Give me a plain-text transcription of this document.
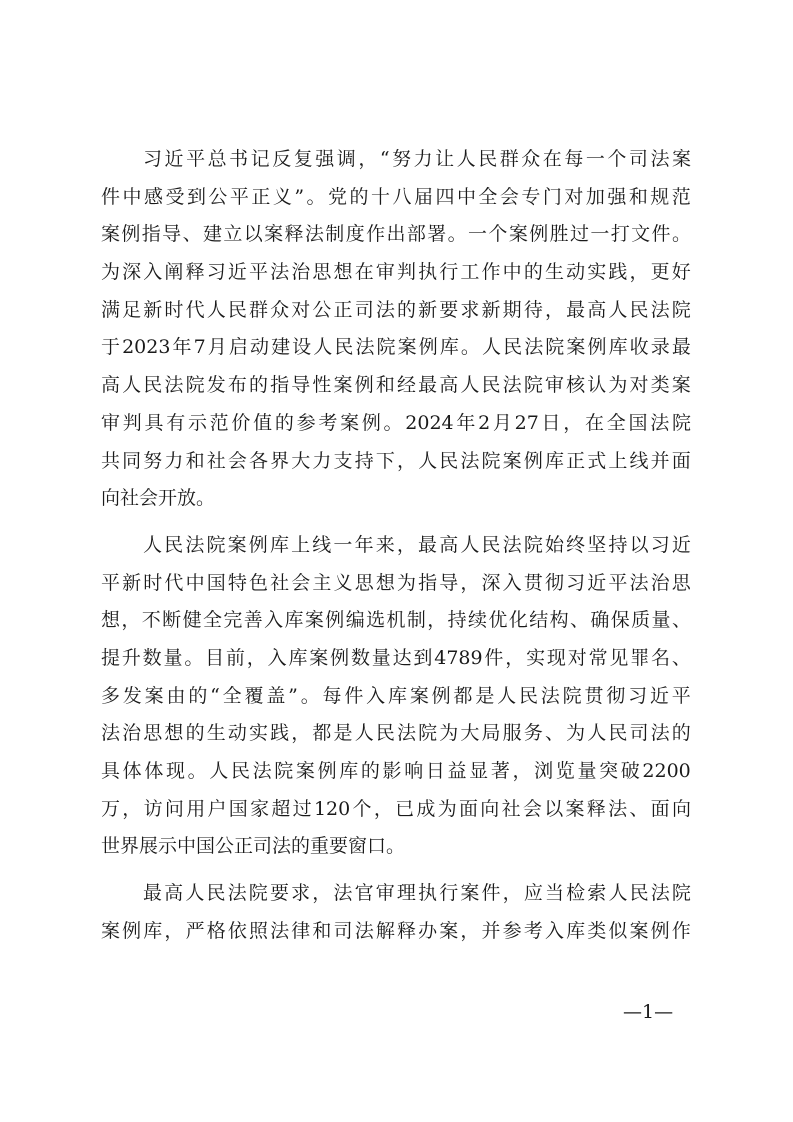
习 近 平 总 书 记 反 复 强 调 ， “ 努 力 让 人 民 群 众 在 每 一 个 司 法 案
件 中 感 受 到 公 平 正 义 ” 。 党 的 十 八 届 四 中 全 会 专 门 对 加 强 和 规 范
案 例 指 导 、 建 立 以 案 释 法 制 度 作 出 部 署 。 一 个 案 例 胜 过 一 打 文 件 。
为 深 入 阐 释 习 近 平 法 治 思 想 在 审 判 执 行 工 作 中 的 生 动 实 践 ， 更 好
满 足 新 时 代 人 民 群 众 对 公 正 司 法 的 新 要 求 新 期 待 ， 最 高 人 民 法 院
于 2023 年 7 月 启 动 建 设 人 民 法 院 案 例 库 。 人 民 法 院 案 例 库 收 录 最
高 人 民 法 院 发 布 的 指 导 性 案 例 和 经 最 高 人 民 法 院 审 核 认 为 对 类 案
审 判 具 有 示 范 价 值 的 参 考 案 例 。 2024 年 2 月 27 日 ， 在 全 国 法 院
共 同 努 力 和 社 会 各 界 大 力 支 持 下 ， 人 民 法 院 案 例 库 正 式 上 线 并 面
向社会开放。
人 民 法 院 案 例 库 上 线 一 年 来 ， 最 高 人 民 法 院 始 终 坚 持 以 习 近
平 新 时 代 中 国 特 色 社 会 主 义 思 想 为 指 导 ， 深 入 贯 彻 习 近 平 法 治 思
想 ， 不 断 健 全 完 善 入 库 案 例 编 选 机 制 ， 持 续 优 化 结 构 、 确 保 质 量 、
提 升 数 量 。 目 前 ， 入 库 案 例 数 量 达 到 4789 件 ， 实 现 对 常 见 罪 名 、
多 发 案 由 的 “ 全 覆 盖 ” 。 每 件 入 库 案 例 都 是 人 民 法 院 贯 彻 习 近 平
法 治 思 想 的 生 动 实 践 ， 都 是 人 民 法 院 为 大 局 服 务 、 为 人 民 司 法 的
具 体 体 现 。 人 民 法 院 案 例 库 的 影 响 日 益 显 著 ， 浏 览 量 突 破 2200
万 ， 访 问 用 户 国 家 超 过 120 个 ， 已 成 为 面 向 社 会 以 案 释 法 、 面 向
世界展示中国公正司法的重要窗口。
最 高 人 民 法 院 要 求 ， 法 官 审 理 执 行 案 件 ， 应 当 检 索 人 民 法 院
案 例 库 ， 严 格 依 照 法 律 和 司 法 解 释 办 案 ， 并 参 考 入 库 类 似 案 例 作
—1—
